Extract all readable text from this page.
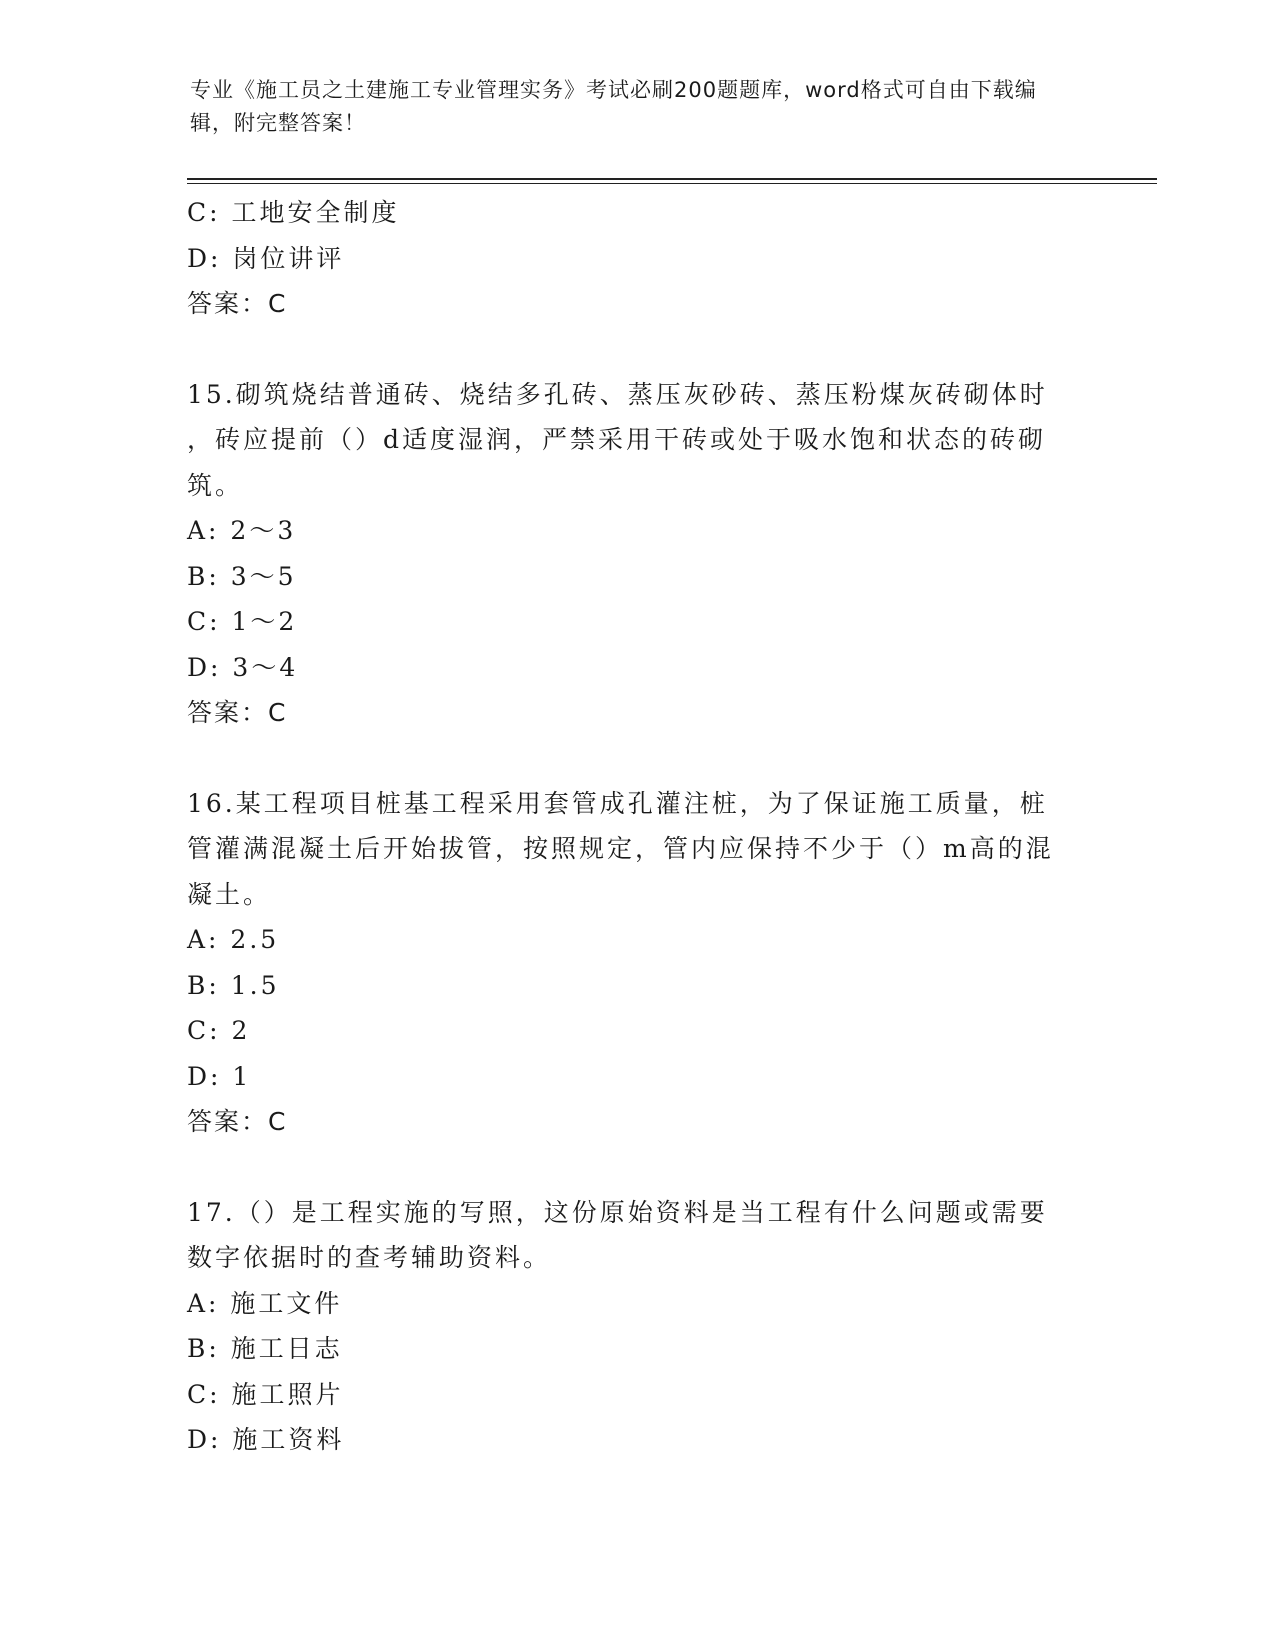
专业《施工员之土建施工专业管理实务》考试必刷200题题库，word格式可自由下载编辑，附完整答案！

C: 工地安全制度
D: 岗位讲评
答案：C
15.砌筑烧结普通砖、烧结多孔砖、蒸压灰砂砖、蒸压粉煤灰砖砌体时
，砖应提前（）d适度湿润，严禁采用干砖或处于吸水饱和状态的砖砌
筑。
A: 2～3
B: 3～5
C: 1～2
D: 3～4
答案：C
16.某工程项目桩基工程采用套管成孔灌注桩，为了保证施工质量，桩
管灌满混凝土后开始拔管，按照规定，管内应保持不少于（）m高的混
凝土。
A: 2.5
B: 1.5
C: 2
D: 1
答案：C
17.（）是工程实施的写照，这份原始资料是当工程有什么问题或需要
数字依据时的查考辅助资料。
A: 施工文件
B: 施工日志
C: 施工照片
D: 施工资料
